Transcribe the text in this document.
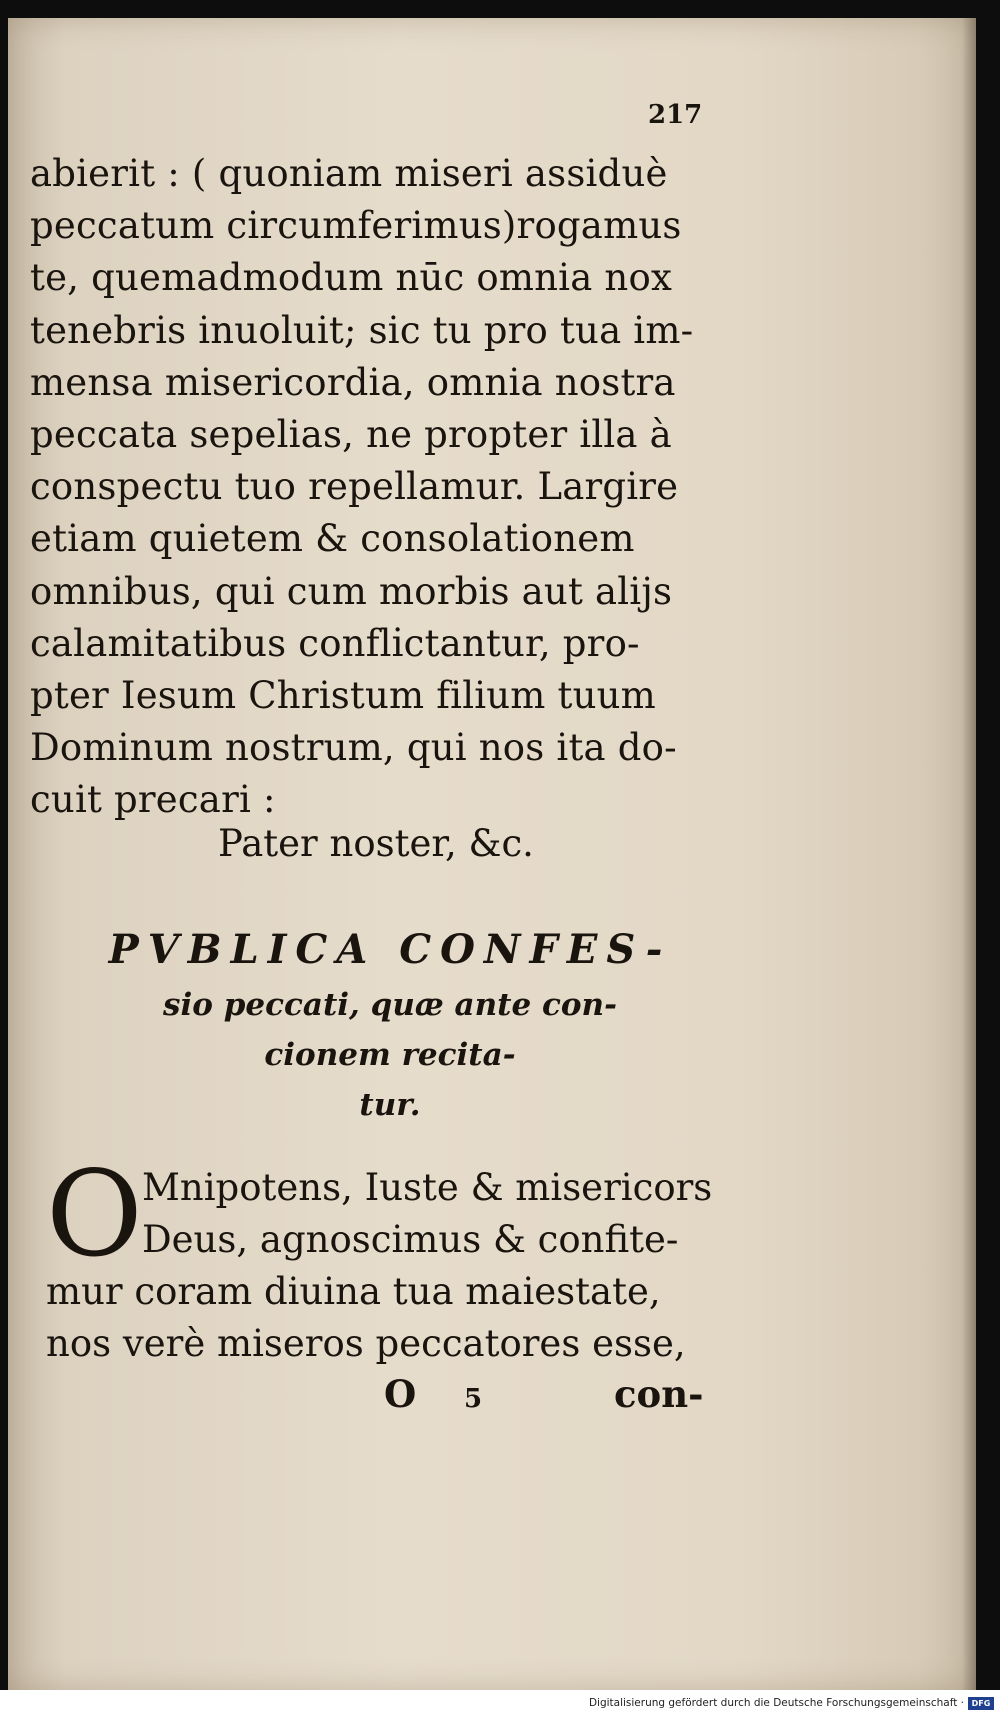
217
abierit : ( quoniam miseri assiduè
peccatum circumferimus)rogamus
te, quemadmodum nūc omnia nox
tenebris inuoluit; sic tu pro tua im-
mensa misericordia, omnia nostra
peccata sepelias, ne propter illa à
conspectu tuo repellamur. Largire
etiam quietem & consolationem
omnibus, qui cum morbis aut alijs
calamitatibus confli̇ctantur, pro-
pter Iesum Christum filium tuum
Dominum nostrum, qui nos ita do-
cuit precari :
Pater noster, &c.
PVBLICA CONFES-
sio peccati, quæ ante con-
cionem recita-
tur.
O Mnipotens, Iuste & misericors
Deus, agnoscimus & confite-
mur coram diuina tua maiestate,
nos verè miseros peccatores esse,
O 5	con-
Digitalisierung gefördert durch die Deutsche Forschungsgemeinschaft · DFG
